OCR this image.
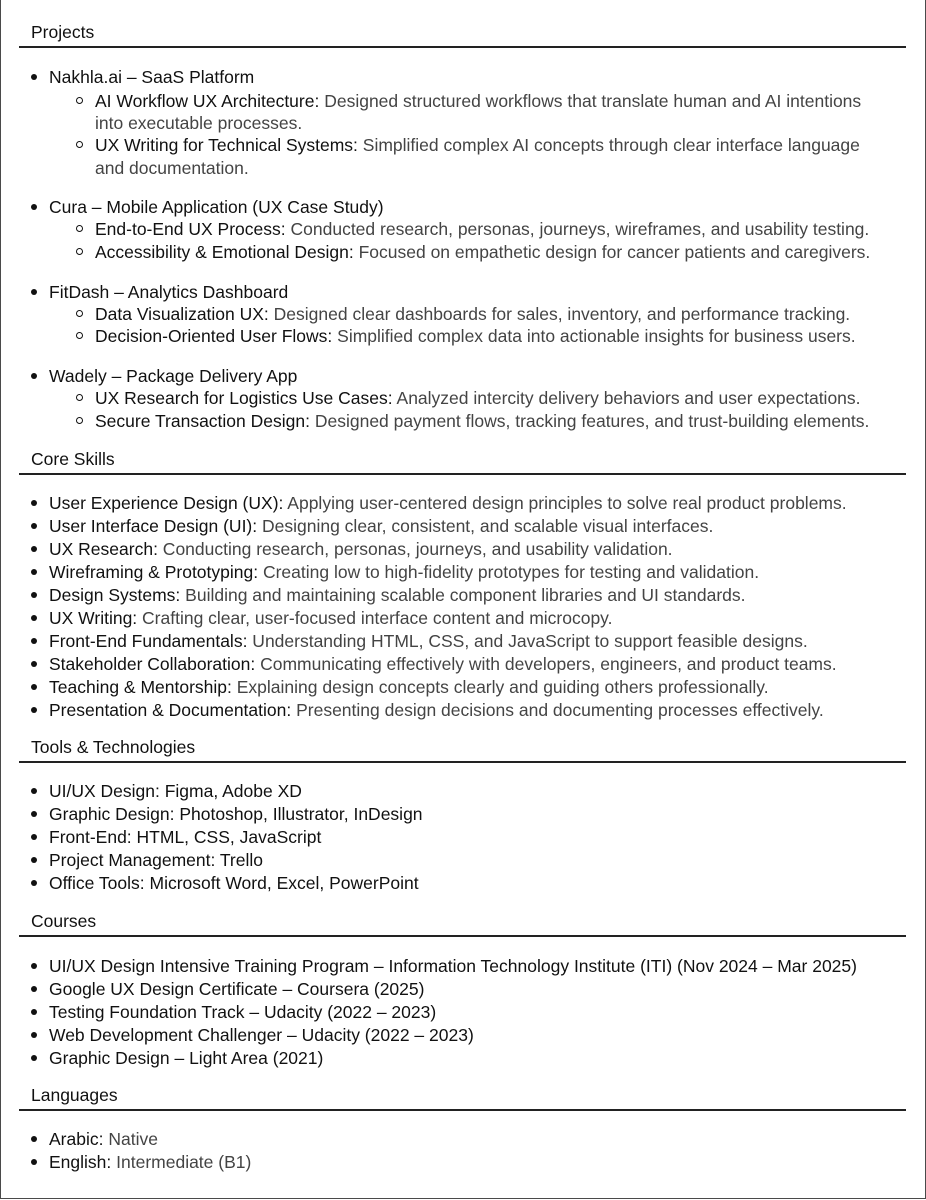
Projects
Nakhla.ai – SaaS Platform
AI Workflow UX Architecture: Designed structured workflows that translate human and AI intentions
into executable processes.
UX Writing for Technical Systems: Simplified complex AI concepts through clear interface language
and documentation.
Cura – Mobile Application (UX Case Study)
End-to-End UX Process: Conducted research, personas, journeys, wireframes, and usability testing.
Accessibility & Emotional Design: Focused on empathetic design for cancer patients and caregivers.
FitDash – Analytics Dashboard
Data Visualization UX: Designed clear dashboards for sales, inventory, and performance tracking.
Decision-Oriented User Flows: Simplified complex data into actionable insights for business users.
Wadely – Package Delivery App
UX Research for Logistics Use Cases: Analyzed intercity delivery behaviors and user expectations.
Secure Transaction Design: Designed payment flows, tracking features, and trust-building elements.
Core Skills
User Experience Design (UX): Applying user-centered design principles to solve real product problems.
User Interface Design (UI): Designing clear, consistent, and scalable visual interfaces.
UX Research: Conducting research, personas, journeys, and usability validation.
Wireframing & Prototyping: Creating low to high-fidelity prototypes for testing and validation.
Design Systems: Building and maintaining scalable component libraries and UI standards.
UX Writing: Crafting clear, user-focused interface content and microcopy.
Front-End Fundamentals: Understanding HTML, CSS, and JavaScript to support feasible designs.
Stakeholder Collaboration: Communicating effectively with developers, engineers, and product teams.
Teaching & Mentorship: Explaining design concepts clearly and guiding others professionally.
Presentation & Documentation: Presenting design decisions and documenting processes effectively.
Tools & Technologies
UI/UX Design: Figma, Adobe XD
Graphic Design: Photoshop, Illustrator, InDesign
Front-End: HTML, CSS, JavaScript
Project Management: Trello
Office Tools: Microsoft Word, Excel, PowerPoint
Courses
UI/UX Design Intensive Training Program – Information Technology Institute (ITI) (Nov 2024 – Mar 2025)
Google UX Design Certificate – Coursera (2025)
Testing Foundation Track – Udacity (2022 – 2023)
Web Development Challenger – Udacity (2022 – 2023)
Graphic Design – Light Area (2021)
Languages
Arabic: Native
English: Intermediate (B1)
